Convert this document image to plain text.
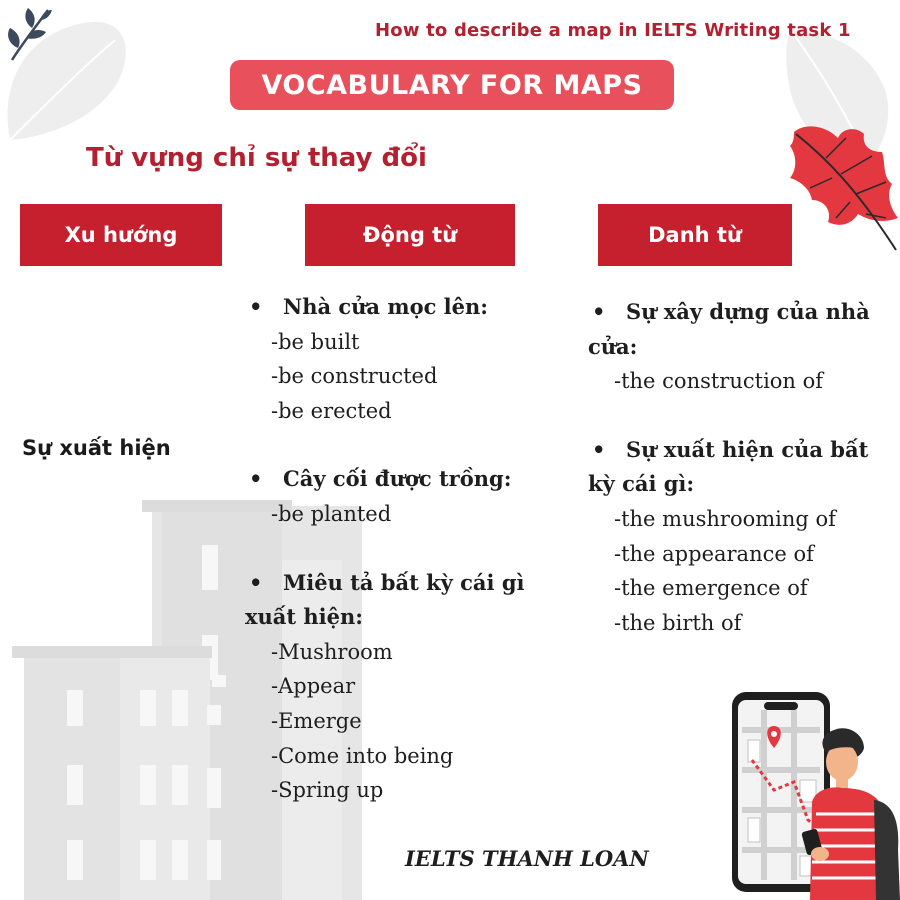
How to describe a map in IELTS Writing task 1
VOCABULARY FOR MAPS
Từ vựng chỉ sự thay đổi
Xu hướng	Động từ	Danh từ
Sự xuất hiện
• Nhà cửa mọc lên:
-be built
-be constructed
-be erected
• Cây cối được trồng:
-be planted
• Miêu tả bất kỳ cái gì
xuất hiện:
-Mushroom
-Appear
-Emerge
-Come into being
-Spring up
• Sự xây dựng của nhà
cửa:
-the construction of
• Sự xuất hiện của bất
kỳ cái gì:
-the mushrooming of
-the appearance of
-the emergence of
-the birth of
IELTS THANH LOAN
